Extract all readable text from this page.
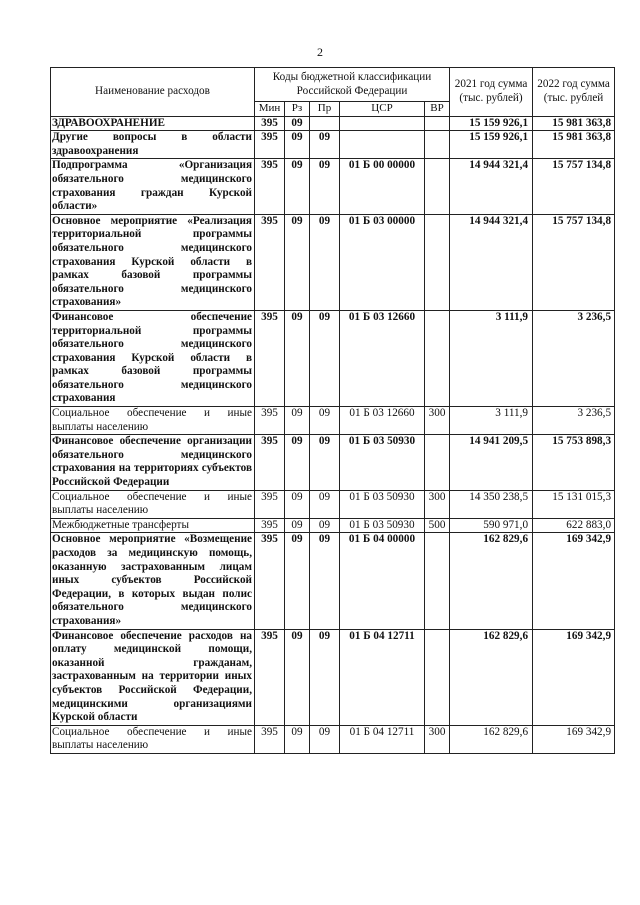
2
Наименование расходов	Коды бюджетной классификации Российской Федерации					2021 год сумма (тыс. рублей)	2022 год сумма (тыс. рублей
	Мин	Рз	Пр	ЦСР	ВР		
ЗДРАВООХРАНЕНИЕ	395	09				15 159 926,1	15 981 363,8
Другие вопросы в области здравоохранения	395	09	09			15 159 926,1	15 981 363,8
Подпрограмма «Организация обязательного медицинского страхования граждан Курской области»	395	09	09	01 Б 00 00000		14 944 321,4	15 757 134,8
Основное мероприятие «Реализация территориальной программы обязательного медицинского страхования Курской области в рамках базовой программы обязательного медицинского страхования»	395	09	09	01 Б 03 00000		14 944 321,4	15 757 134,8
Финансовое обеспечение территориальной программы обязательного медицинского страхования Курской области в рамках базовой программы обязательного медицинского страхования	395	09	09	01 Б 03 12660		3 111,9	3 236,5
Социальное обеспечение и иные выплаты населению	395	09	09	01 Б 03 12660	300	3 111,9	3 236,5
Финансовое обеспечение организации обязательного медицинского страхования на территориях субъектов Российской Федерации	395	09	09	01 Б 03 50930		14 941 209,5	15 753 898,3
Социальное обеспечение и иные выплаты населению	395	09	09	01 Б 03 50930	300	14 350 238,5	15 131 015,3
Межбюджетные трансферты	395	09	09	01 Б 03 50930	500	590 971,0	622 883,0
Основное мероприятие «Возмещение расходов за медицинскую помощь, оказанную застрахованным лицам иных субъектов Российской Федерации, в которых выдан полис обязательного медицинского страхования»	395	09	09	01 Б 04 00000		162 829,6	169 342,9
Финансовое обеспечение расходов на оплату медицинской помощи, оказанной гражданам, застрахованным на территории иных субъектов Российской Федерации, медицинскими организациями Курской области	395	09	09	01 Б 04 12711		162 829,6	169 342,9
Социальное обеспечение и иные выплаты населению	395	09	09	01 Б 04 12711	300	162 829,6	169 342,9
